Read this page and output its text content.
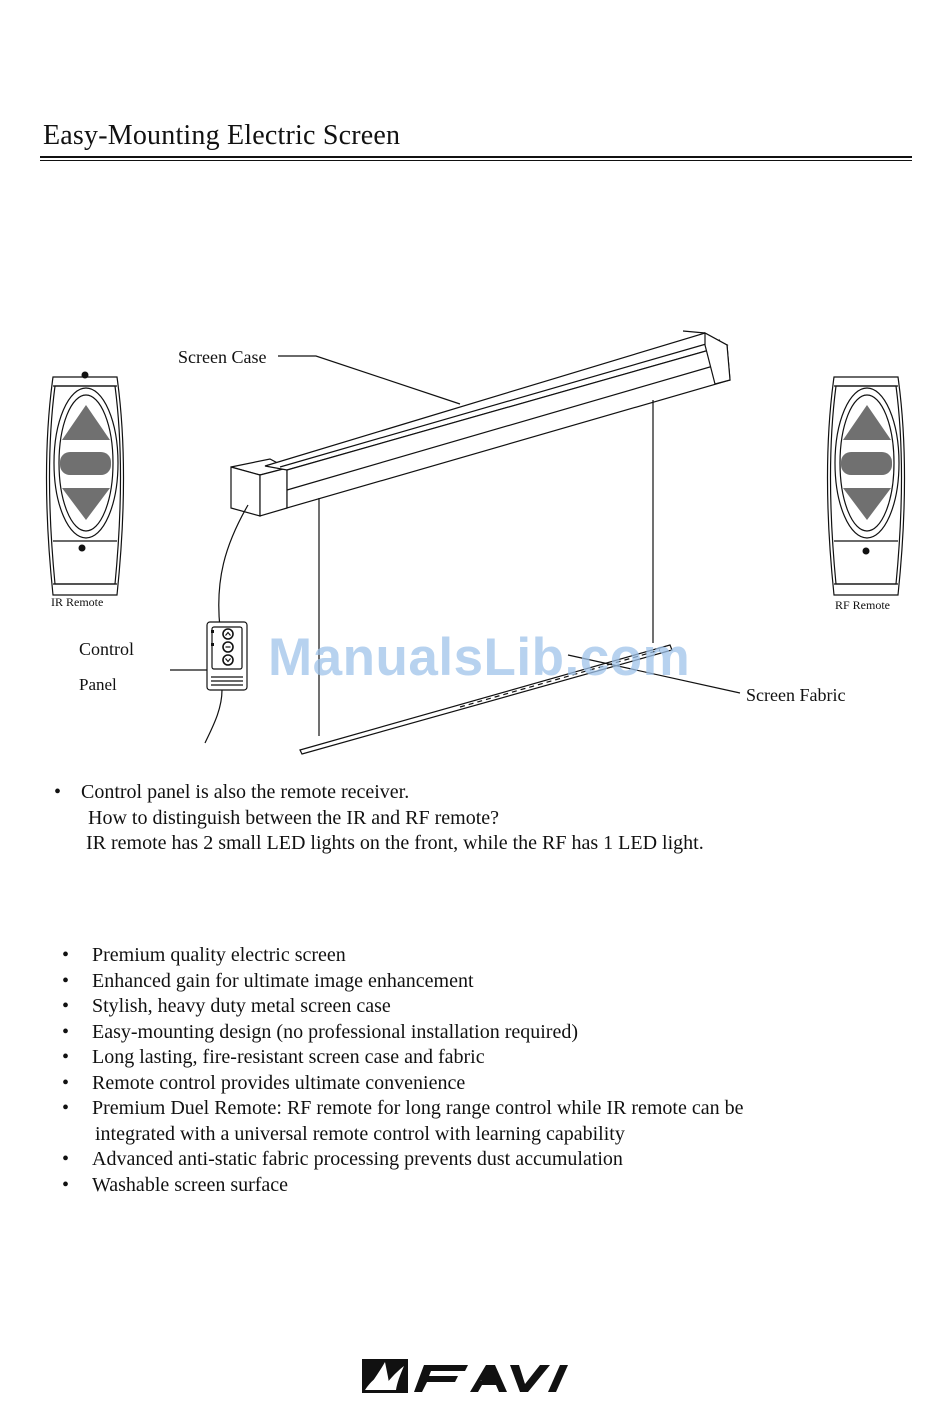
Easy-Mounting Electric Screen
Screen Case
Control
Panel
Screen Fabric
IR Remote	RF Remote
ManualsLib.com
• Control panel is also the remote receiver.
How to distinguish between the IR and RF remote?
IR remote has 2 small LED lights on the front, while the RF has 1 LED light.
•	Premium quality electric screen
•	Enhanced gain for ultimate image enhancement
•	Stylish, heavy duty metal screen case
•	Easy-mounting design (no professional installation required)
•	Long lasting, fire-resistant screen case and fabric
•	Remote control provides ultimate convenience
•	Premium Duel Remote: RF remote for long range control while IR remote can be
integrated with a universal remote control with learning capability
•	Advanced anti-static fabric processing prevents dust accumulation
•	Washable screen surface
FAVI
